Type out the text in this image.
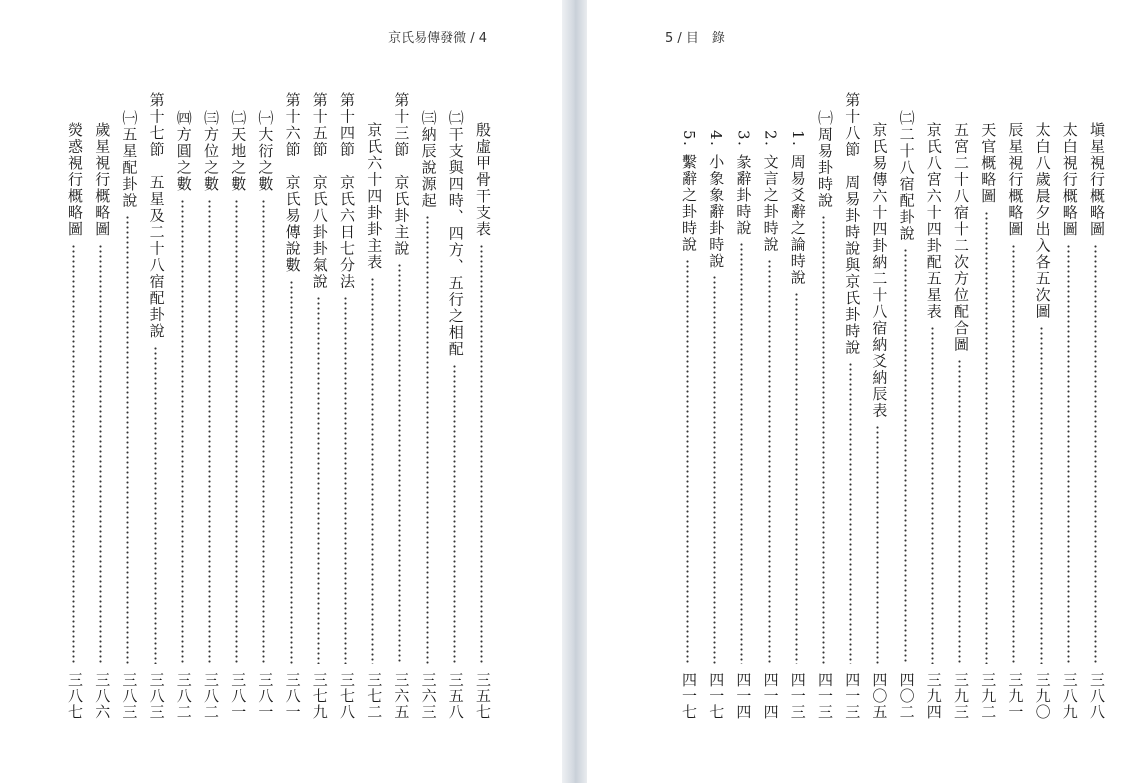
京氏易傳發微 / 4
殷虛甲骨干支表
三五七
㈡干支與四時、四方、五行之相配
三五八
㈢納辰說源起
三六三
第十三節　京氏卦主說
三六五
京氏六十四卦卦主表
三七二
第十四節　京氏六日七分法
三七八
第十五節　京氏八卦卦氣說
三七九
第十六節　京氏易傳說數
三八一
㈠大衍之數
三八一
㈡天地之數
三八一
㈢方位之數
三八二
㈣方圓之數
三八二
第十七節　五星及二十八宿配卦說
三八三
㈠五星配卦說
三八三
歲星視行概略圖
三八六
熒惑視行概略圖
三八七
5 / 目　錄
塡星視行概略圖
三八八
太白視行概略圖
三八九
太白八歲晨夕出入各五次圖
三九〇
辰星視行概略圖
三九一
天官概略圖
三九二
五宮二十八宿十二次方位配合圖
三九三
京氏八宮六十四卦配五星表
三九四
㈡二十八宿配卦說
四〇二
京氏易傳六十四卦納二十八宿納爻納辰表
四〇五
第十八節　周易卦時說與京氏卦時說
四一三
㈠周易卦時說
四一三
1. 周易爻辭之論時說
四一三
2. 文言之卦時說
四一四
3. 彖辭卦時說
四一四
4. 小象象辭卦時說
四一七
5. 繫辭之卦時說
四一七
